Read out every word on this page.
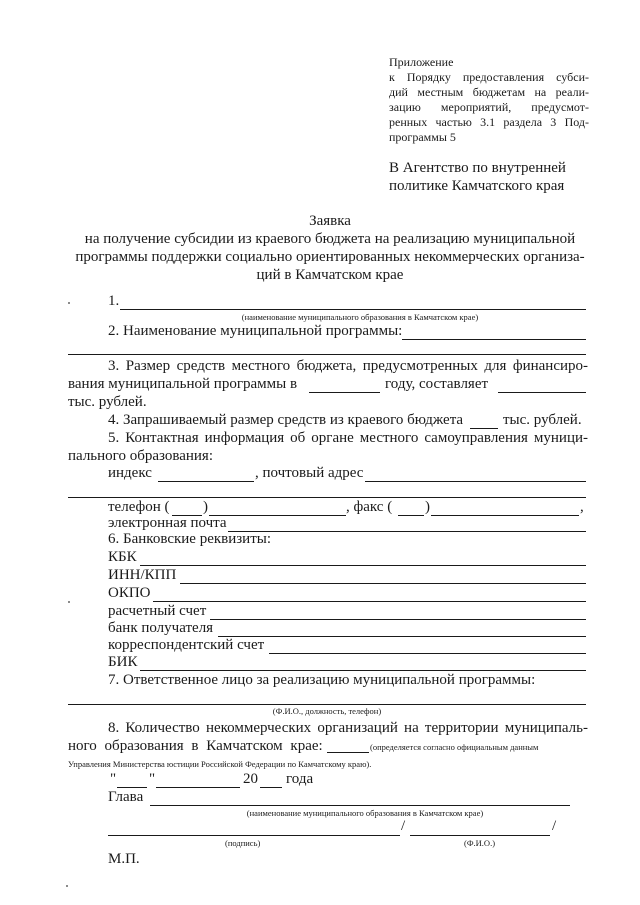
Приложение
к Порядку предоставления субси-
дий местным бюджетам на реали-
зацию мероприятий, предусмот-
ренных частью 3.1 раздела 3 Под-
программы 5
В Агентство по внутренней
политике Камчатского края
Заявка
на получение субсидии из краевого бюджета на реализацию муниципальной
программы поддержки социально ориентированных некоммерческих организа-
ций в Камчатском крае
1.
(наименование муниципального образования в Камчатском крае)
2. Наименование муниципальной программы:
3. Размер средств местного бюджета, предусмотренных для финансиро-
вания муниципальной программы в	году, составляет
тыс. рублей.
4. Запрашиваемый размер средств из краевого бюджета	тыс. рублей.
5. Контактная информация об органе местного самоуправления муници-
пального образования:
индекс	, почтовый адрес
телефон ( )	, факс ( )	,
электронная почта
6. Банковские реквизиты:
КБК
ИНН/КПП
ОКПО
расчетный счет
банк получателя
корреспондентский счет
БИК
7. Ответственное лицо за реализацию муниципальной программы:
(Ф.И.О., должность, телефон)
8. Количество некоммерческих организаций на территории муниципаль-
ного образования в Камчатском крае:	(определяется согласно официальным данным
Управления Министерства юстиции Российской Федерации по Камчатскому краю).
" "	20 года
Глава
(наименование муниципального образования в Камчатском крае)
/	/
(подпись)	(Ф.И.О.)
М.П.
